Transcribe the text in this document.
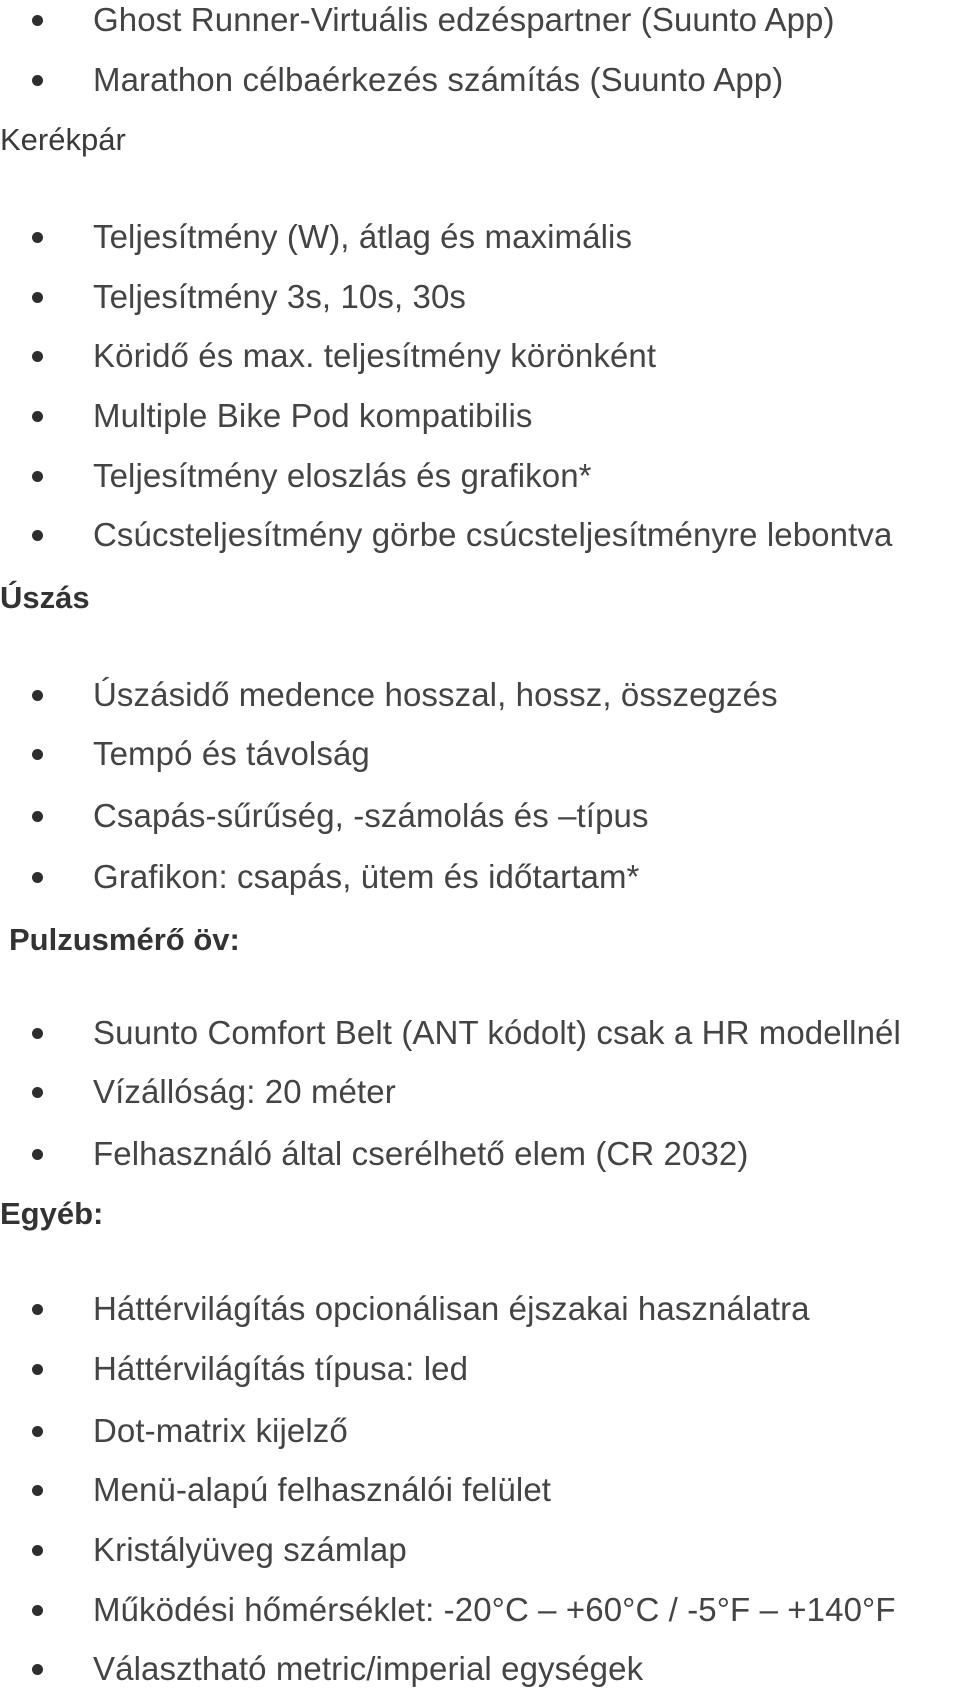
Ghost Runner-Virtuális edzéspartner (Suunto App)
Marathon célbaérkezés számítás (Suunto App)
Kerékpár
Teljesítmény (W), átlag és maximális
Teljesítmény 3s, 10s, 30s
Köridő és max. teljesítmény körönként
Multiple Bike Pod kompatibilis
Teljesítmény eloszlás és grafikon*
Csúcsteljesítmény görbe csúcsteljesítményre lebontva
Úszás
Úszásidő medence hosszal, hossz, összegzés
Tempó és távolság
Csapás-sűrűség, -számolás és –típus
Grafikon: csapás, ütem és időtartam*
Pulzusmérő öv:
Suunto Comfort Belt (ANT kódolt) csak a HR modellnél
Vízállóság: 20 méter
Felhasználó által cserélhető elem (CR 2032)
Egyéb:
Háttérvilágítás opcionálisan éjszakai használatra
Háttérvilágítás típusa: led
Dot-matrix kijelző
Menü-alapú felhasználói felület
Kristályüveg számlap
Működési hőmérséklet: -20°C – +60°C / -5°F – +140°F
Választható metric/imperial egységek
